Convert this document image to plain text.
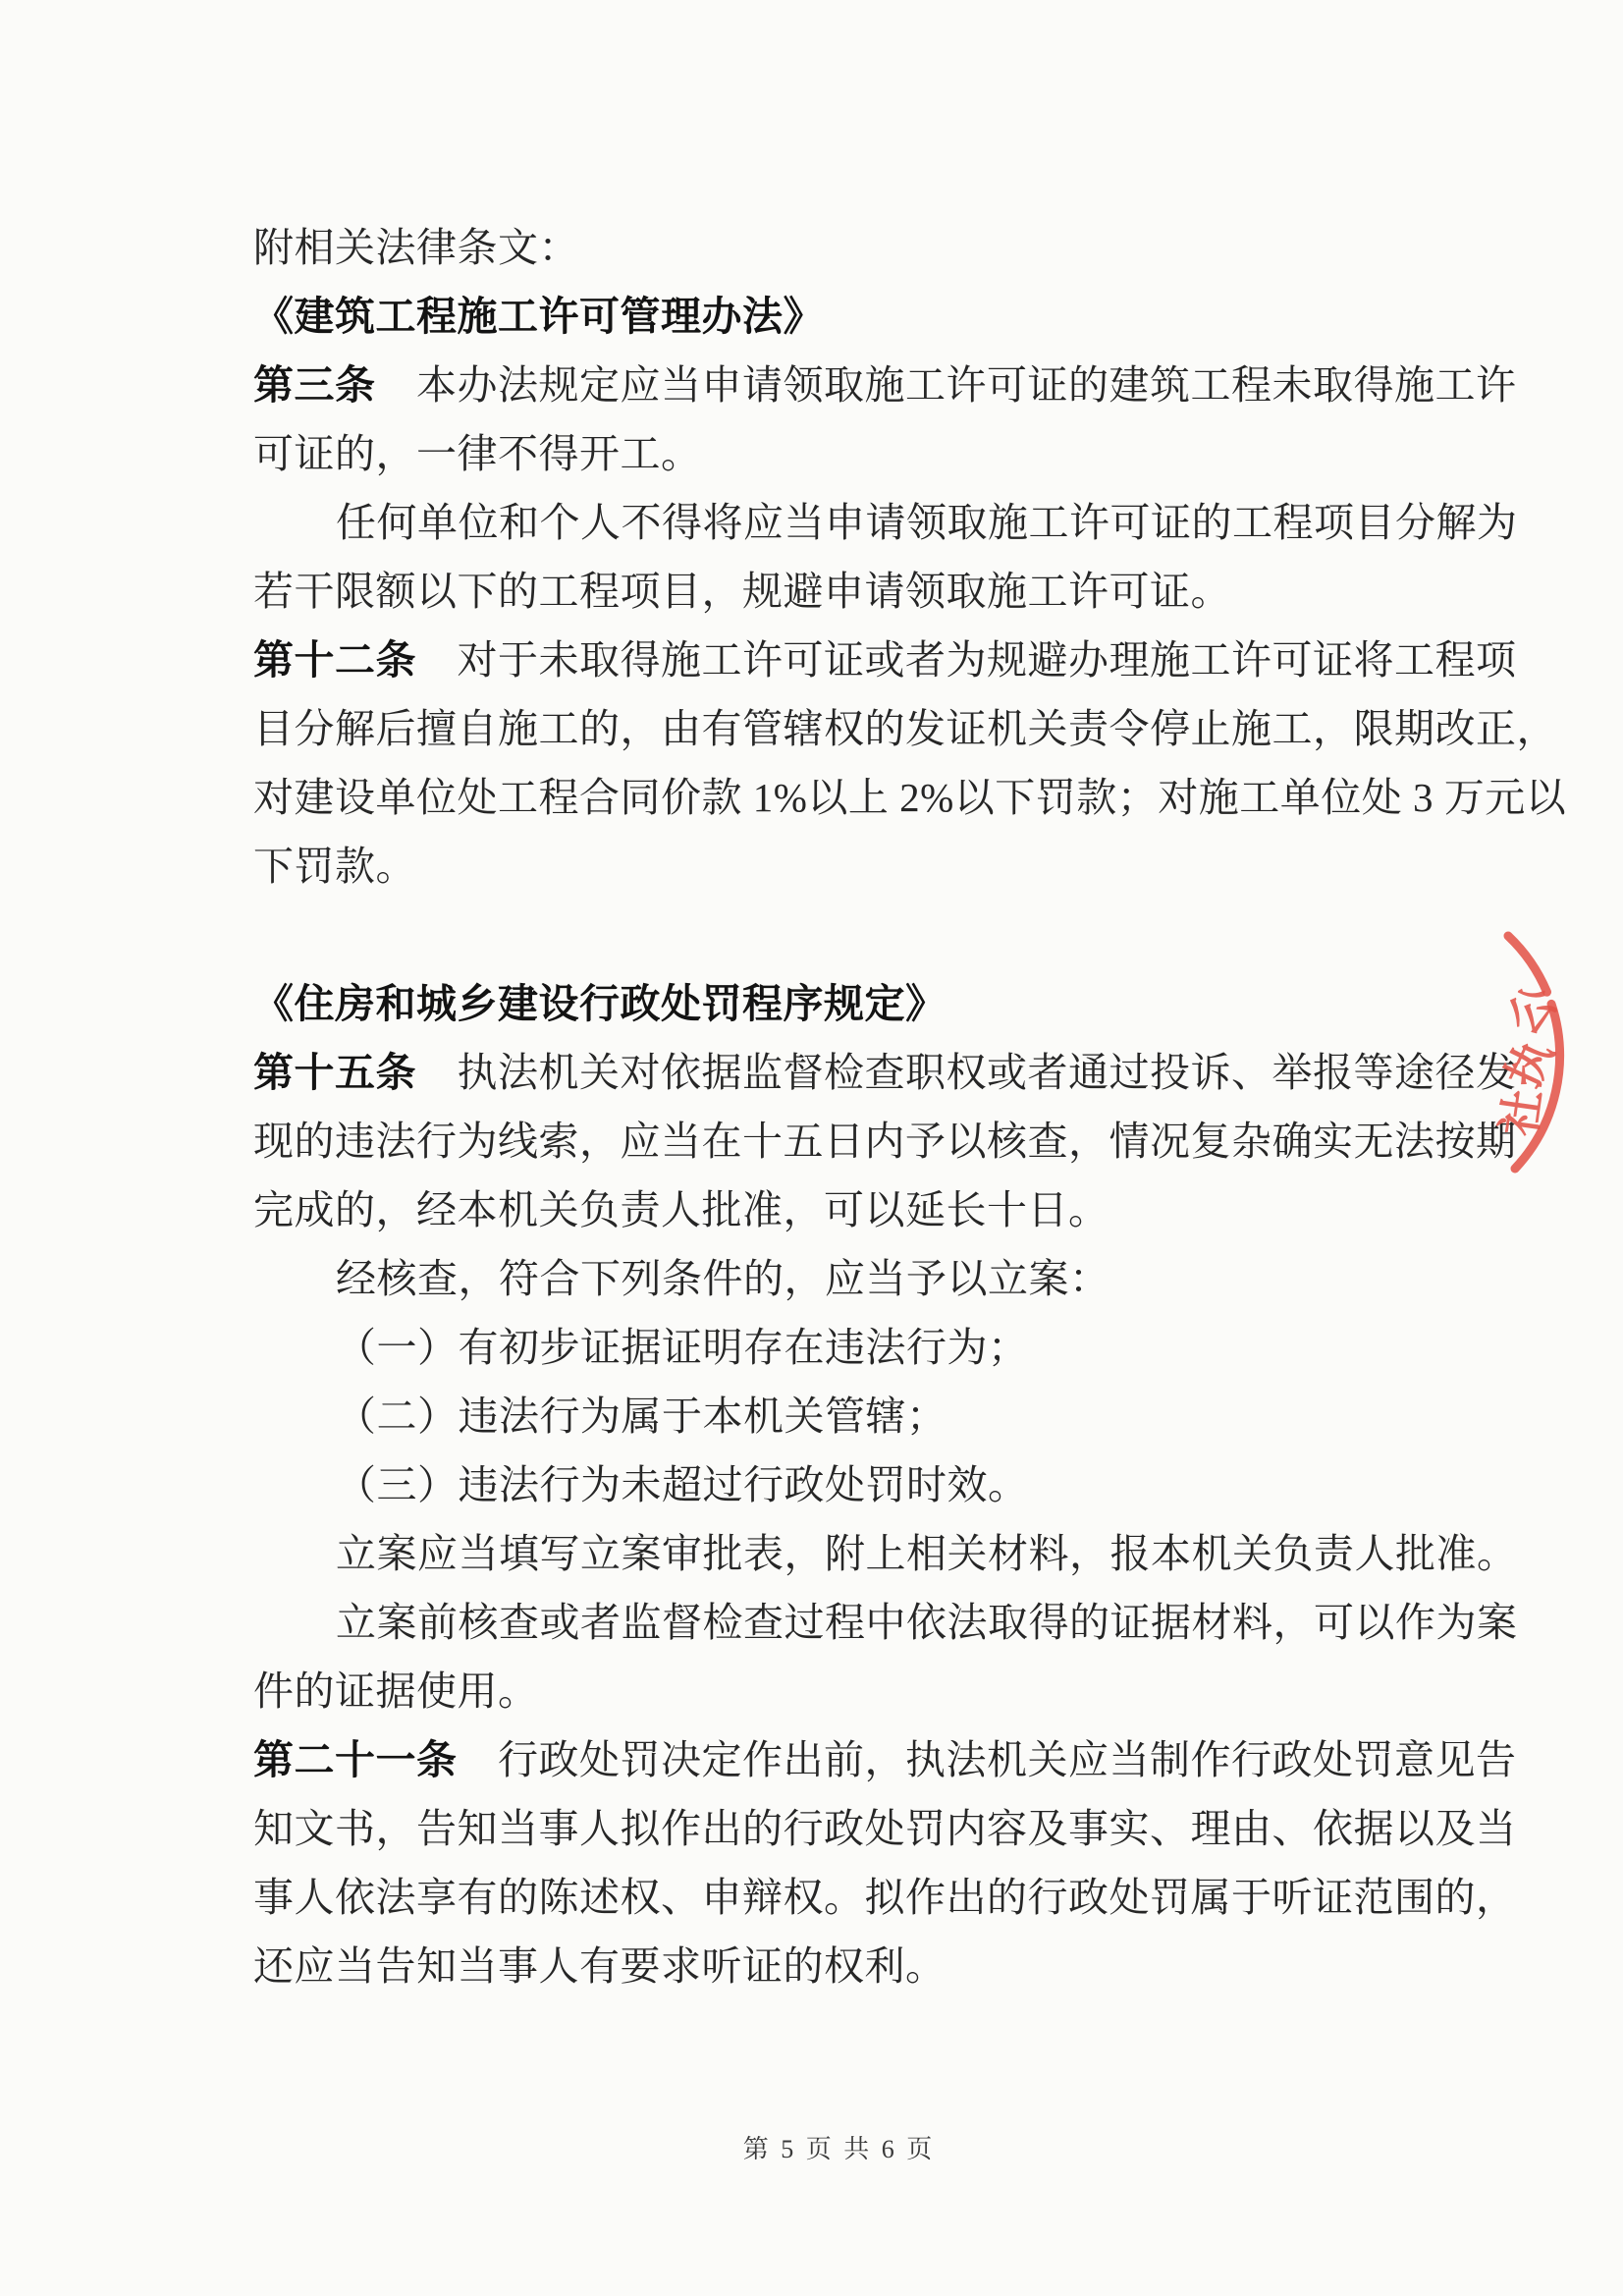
附相关法律条文：
《建筑工程施工许可管理办法》
第三条　本办法规定应当申请领取施工许可证的建筑工程未取得施工许
可证的，一律不得开工。
任何单位和个人不得将应当申请领取施工许可证的工程项目分解为
若干限额以下的工程项目，规避申请领取施工许可证。
第十二条　对于未取得施工许可证或者为规避办理施工许可证将工程项
目分解后擅自施工的，由有管辖权的发证机关责令停止施工，限期改正，
对建设单位处工程合同价款 1%以上 2%以下罚款；对施工单位处 3 万元以
下罚款。
《住房和城乡建设行政处罚程序规定》
第十五条　执法机关对依据监督检查职权或者通过投诉、举报等途径发
现的违法行为线索，应当在十五日内予以核查，情况复杂确实无法按期
完成的，经本机关负责人批准，可以延长十日。
经核查，符合下列条件的，应当予以立案：
（一）有初步证据证明存在违法行为；
（二）违法行为属于本机关管辖；
（三）违法行为未超过行政处罚时效。
立案应当填写立案审批表，附上相关材料，报本机关负责人批准。
立案前核查或者监督检查过程中依法取得的证据材料，可以作为案
件的证据使用。
第二十一条　行政处罚决定作出前，执法机关应当制作行政处罚意见告
知文书，告知当事人拟作出的行政处罚内容及事实、理由、依据以及当
事人依法享有的陈述权、申辩权。拟作出的行政处罚属于听证范围的，
还应当告知当事人有要求听证的权利。
公
执
社
第 5 页 共 6 页
